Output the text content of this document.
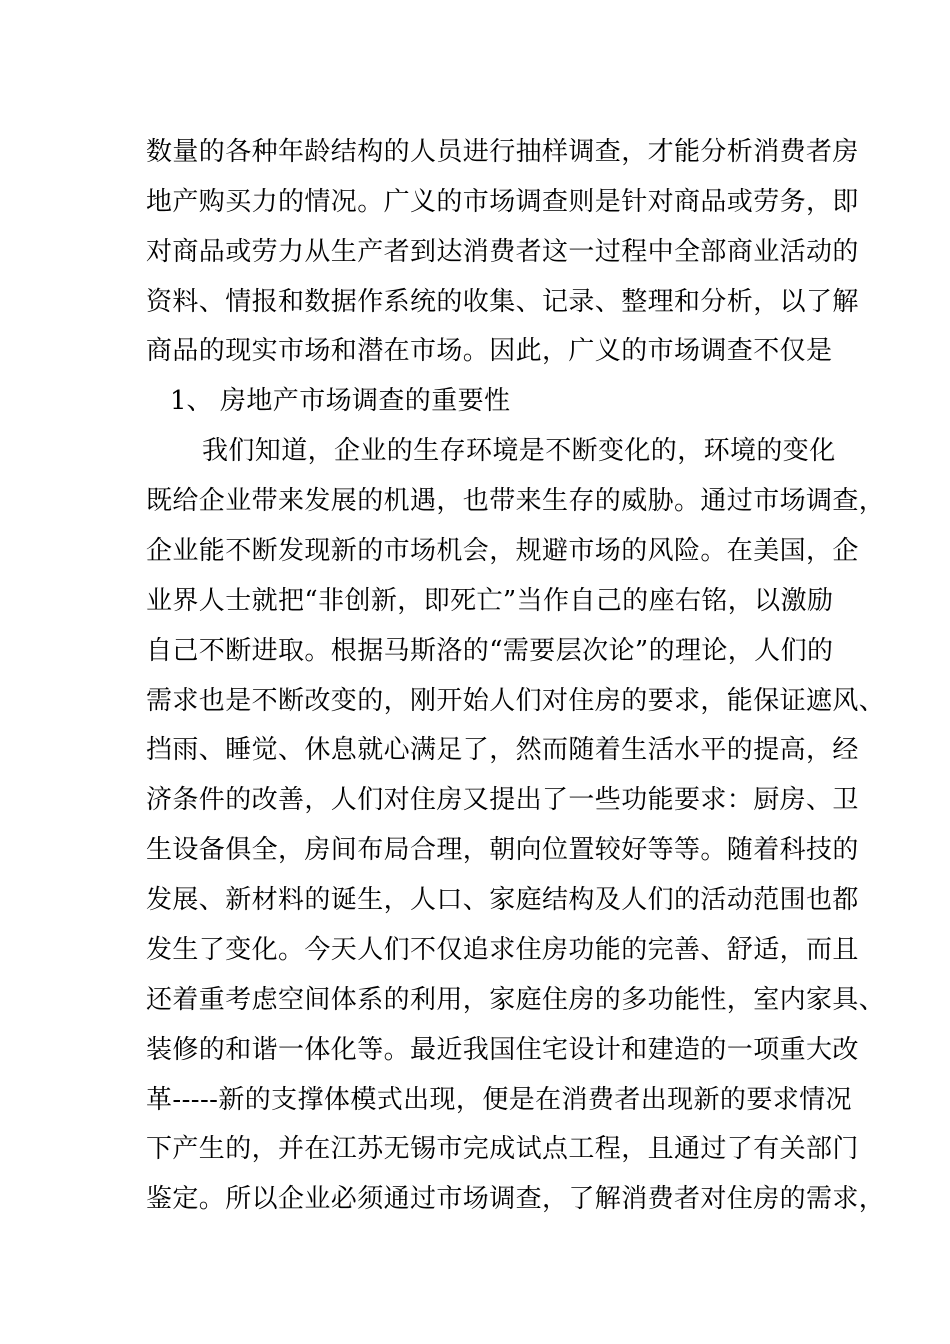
数量的各种年龄结构的人员进行抽样调查，才能分析消费者房
地产购买力的情况。广义的市场调查则是针对商品或劳务，即
对商品或劳力从生产者到达消费者这一过程中全部商业活动的
资料、情报和数据作系统的收集、记录、整理和分析，以了解
商品的现实市场和潜在市场。因此，广义的市场调查不仅是
1、 房地产市场调查的重要性
我们知道，企业的生存环境是不断变化的，环境的变化
既给企业带来发展的机遇，也带来生存的威胁。通过市场调查，
企业能不断发现新的市场机会，规避市场的风险。在美国，企
业界人士就把“非创新，即死亡”当作自己的座右铭，以激励
自己不断进取。根据马斯洛的“需要层次论”的理论，人们的
需求也是不断改变的，刚开始人们对住房的要求，能保证遮风、
挡雨、睡觉、休息就心满足了，然而随着生活水平的提高，经
济条件的改善，人们对住房又提出了一些功能要求：厨房、卫
生设备俱全，房间布局合理，朝向位置较好等等。随着科技的
发展、新材料的诞生，人口、家庭结构及人们的活动范围也都
发生了变化。今天人们不仅追求住房功能的完善、舒适，而且
还着重考虑空间体系的利用，家庭住房的多功能性，室内家具、
装修的和谐一体化等。最近我国住宅设计和建造的一项重大改
革-----新的支撑体模式出现，便是在消费者出现新的要求情况
下产生的，并在江苏无锡市完成试点工程，且通过了有关部门
鉴定。所以企业必须通过市场调查，了解消费者对住房的需求，
